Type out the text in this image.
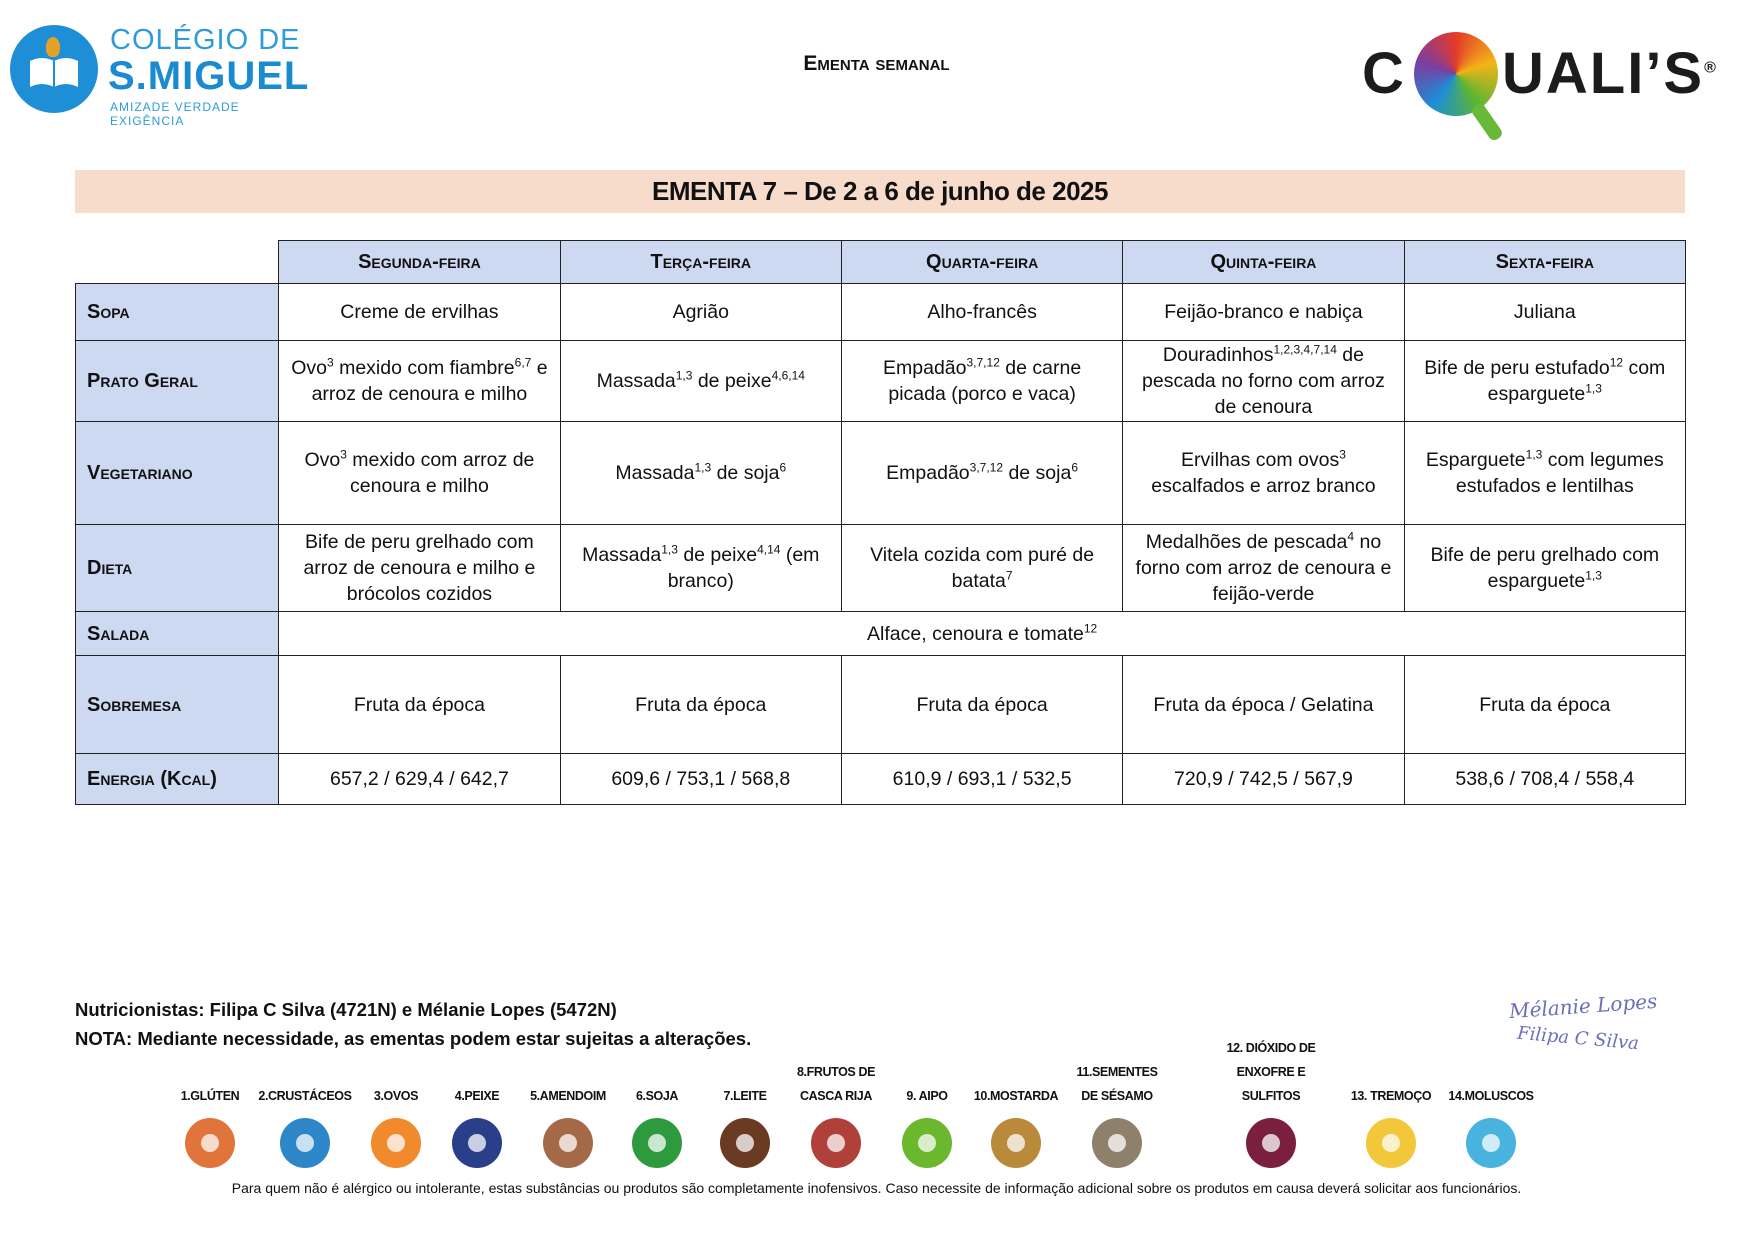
COLÉGIO DE
S.MIGUEL
AMIZADE VERDADE EXIGÊNCIA
Ementa semanal	C UALI’S®
EMENTA 7 – De 2 a 6 de junho de 2025
	Segunda-feira	Terça-feira	Quarta-feira	Quinta-feira	Sexta-feira
Sopa	Creme de ervilhas	Agrião	Alho-francês	Feijão-branco e nabiça	Juliana
Prato Geral	Ovo$^3$ mexido com fiambre$^{6,7}$ e arroz de cenoura e milho	Massada$^{1,3}$ de peixe$^{4,6,14}$	Empadão$^{3,7,12}$ de carne picada (porco e vaca)	Douradinhos$^{1,2,3,4,7,14}$ de pescada no forno com arroz de cenoura	Bife de peru estufado$^{12}$ com esparguete$^{1,3}$
Vegetariano	Ovo$^3$ mexido com arroz de cenoura e milho	Massada$^{1,3}$ de soja$^6$	Empadão$^{3,7,12}$ de soja$^6$	Ervilhas com ovos$^3$ escalfados e arroz branco	Esparguete$^{1,3}$ com legumes estufados e lentilhas
Dieta	Bife de peru grelhado com arroz de cenoura e milho e brócolos cozidos	Massada$^{1,3}$ de peixe$^{4,14}$ (em branco)	Vitela cozida com puré de batata$^7$	Medalhões de pescada$^4$ no forno com arroz de cenoura e feijão-verde	Bife de peru grelhado com esparguete$^{1,3}$
Salada	Alface, cenoura e tomate$^{12}$
Sobremesa	Fruta da época	Fruta da época	Fruta da época	Fruta da época / Gelatina	Fruta da época
Energia (Kcal)	657,2 / 629,4 / 642,7	609,6 / 753,1 / 568,8	610,9 / 693,1 / 532,5	720,9 / 742,5 / 567,9	538,6 / 708,4 / 558,4
Nutricionistas: Filipa C Silva (4721N) e Mélanie Lopes (5472N)
NOTA: Mediante necessidade, as ementas podem estar sujeitas a alterações.
Mélanie Lopes
Filipa C Silva
1.GLÚTEN	2.CRUSTÁCEOS	3.OVOS	4.PEIXE	5.AMENDOIM	6.SOJA	7.LEITE
8.FRUTOS DE CASCA RIJA	9. AIPO	10.MOSTARDA
11.SEMENTES DE SÉSAMO
12. DIÓXIDO DE ENXOFRE E SULFITOS	13. TREMOÇO	14.MOLUSCOS
Para quem não é alérgico ou intolerante, estas substâncias ou produtos são completamente inofensivos. Caso necessite de informação adicional sobre os produtos em causa deverá solicitar aos funcionários.
